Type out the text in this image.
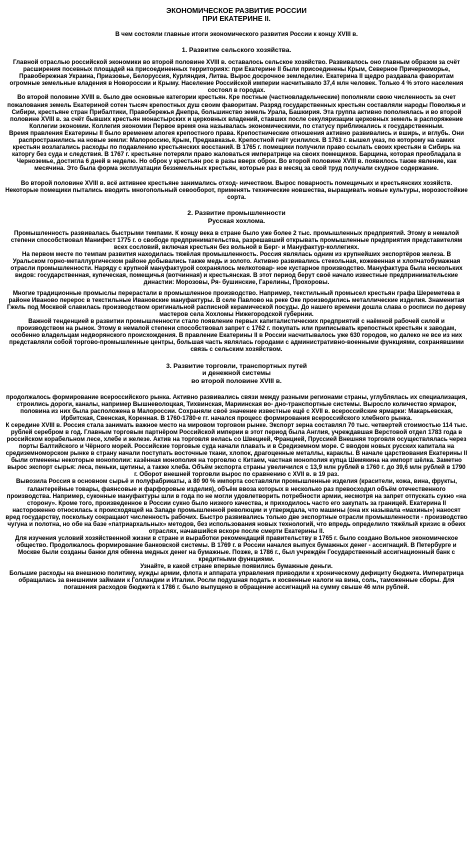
ЭКОНОМИЧЕСКОЕ РАЗВИТИЕ РОССИИ
ПРИ ЕКАТЕРИНЕ II.

В чем состояли главные итоги экономического развития России к концу XVIII в.

1. Развитие сельского хозяйства.

Главной отраслью российской экономики во второй половине XVIII в. оставалось сельское хозяйство. Развивалось оно главным образом за счёт расширения посевных площадей на присоединенных территориях: при Екатерине II были присоединены Крым, Северное Причерноморье, Правобережная Украина, Приазовье, Белоруссия, Курляндия, Литва. Вырос досрочное земледелие. Екатерина II щедро раздавала фаворитам огромные земельные владения в Новороссии и Крыму. Население Российской империи насчитывало 37,4 млн человек. Только 4 % этого населения состоял в городах.

Во второй половине XVIII в. было две основные категории крестьян. Кре постные (частновладельческие) пополняли свою численность за счет пожалования земель Екатериной сотен тысяч крепостных душ своим фаворитам. Разряд государственных крестьян составляли народы Поволжья и Сибири, крестьяне стран Прибалтики, Правобережья Днепра, большинство земель Урала, Башкирия. Эта группа активно пополнялась и во второй половине XVIII в. за счёт бывших крестьян монастырских и церковных владений, ставших после секуляризации церковных земель в распоряжение Коллегии экономии. Коллегия экономии Первое время она называлась экономическими, по статусу приближались к государственным.

Время правления Екатерины II было временем апогея крепостного права. Крепостнические отношения активно развивались и вширь, и вглубь. Они распространились на новые земли: Малороссию, Крым, Предкавказье. Крепостной гнёт усилился. В 1763 г. вышел указ, по которому на самих крестьян возлагались расходы по подавлению крестьянских восстаний. В 1765 г. помещики получили право ссылать своих крестьян в Сибирь на каторгу без суда и следствия. В 1767 г. крестьяне потеряли право жаловаться императрице на своих помещиков. Барщина, которая преобладала в Черноземье, достигла 6 дней в неделю. Но оброк у крестьян рос в разы вверх оброк. Во второй половине XVIII в. появилось также явление, как месячина. Это была форма эксплуатации безземельных крестьян, которые раз в месяц за свой труд получали скудное содержание.

Во второй половине XVIII в. всё активнее крестьяне занимались отход- ничеством. Вырос поварность помещичьих и крестьянских хозяйств. Некоторые помещики пытались вводить многопольный севооборот, применять технические новшества, выращивать новые культуры, морозостойкие сорта.

2. Развитие промышленности
Русская хохлома.

Промышленность развивалась быстрыми темпами. К концу века в стране было уже более 2 тыс. промышленных предприятий. Этому в немалой степени способствовал Манифест 1775 г. о свободе предпринимательства, разрешавший открывать промышленные предприятия представителям всех сословий, включая крестьян без вольной в Берг- и Мануфактур-коллегиях.

На первом месте по темпам развития находилась тяжёлая промышленность. Россия являлась одним из крупнейших экспортёров железа. В Уральском горно-металлургическом районе добывались также медь и золото. Активно развивались стекольная, кожевенная и хлопчатобумажная отрасли промышленности. Наряду с крупной мануфактурой сохранялось мелкотовар- ное кустарное производство. Мануфактура была нескольких видов: государственная, купеческая, помещичья (вотчинная) и крестьянская. В этот период берут своё начало известные предпринимательские династии: Морозовы, Ря- бушинские, Гарелины, Прохоровы.

Многие традиционные промыслы перерастали в промышленное производство. Например, текстильный промысел крестьян графа Шереметева в районе Иваново перерос в текстильные Ивановские мануфактуры. В селе Павлово на реке Оке производились металлические изделия. Знаменитая Гжель под Москвой славилась производством оригинальной расписной керамической посуды. До нашего времени дошла слава о росписи по дереву мастеров села Хохломы Нижегородской губернии.

Важной тенденцией в развитии промышленности стало появление первых капиталистических предприятий с наёмной рабочей силой и производством на рынок. Этому в немалой степени способствовал запрет с 1762 г. покупать или приписывать крепостных крестьян к заводам, особенно владельцам недворянского происхождения. В правление Екатерины II в России насчитывалось уже 630 городов, но далеко не все из них представляли собой торгово-промышленные центры, большая часть являлась городами с административно-военными функциями, сохранявшими связь с сельским хозяйством.

3. Развитие торговли, транспортных путей
и денежной системы
во второй половине XVIII в.

продолжалось формирование всероссийского рынка. Активно развивались связи между разными регионами страны, углублялась их специализация, строились дороги, каналы, например Вышневолоцкая, Тихвинская, Мариинская во- дно-транспортные системы. Выросло количество ярмарок, половина из них была расположена в Малороссии. Сохраняли своё значение известные ещё с XVII в. всероссийские ярмарки: Макарьевская, Ирбитская, Свенская, Коренная. В 1760-1780-е гг. начался процесс формирования всероссийского хлебного рынка.

К середине XVIII в. Россия стала занимать важное место на мировом торговом рынке. Экспорт зерна составлял 70 тыс. четвертей стоимостью 114 тыс. рублей серебром в год. Главным торговым партнёром Российской империи в этот период была Англия, учреждавшая Верстовой отдел 1783 года в российском корабельном лесе, хлебе и железе. Актив на торговля велась со Швецией, Францией, Пруссией Внешняя торговля осуществлялась через порты Балтийского и Чёрного морей. Российские торговые суда начали плавать и в Средиземном море. С вводом новых русских капитала на средиземноморском рынке в страну начали поступать восточные ткани, хлопок, драгоценные металлы, караклы. В начале царствования Екатерины II были отменены некоторые монополии: казённая монополия на торговлю с Китаем, частная монополия купца Шемякина на импорт шёлка. Заметно вырос экспорт сырья: леса, пеньки, щетины, а также хлеба. Объём экспорта страны увеличился с 13,9 млн рублей в 1760 г. до 39,6 млн рублей в 1790 г. Оборот внешней торговли вырос по сравнению с XVII в. в 19 раз.

Вывозила Россия в основном сырьё и полуфабрикаты, а 80 90 % импорта составляли промышленные изделия (красители, кожа, вина, фрукты, галантерейные товары, фаянсовые и фарфоровые изделия), объём ввоза которых в несколько раз превосходил объём отечественного производства. Например, суконные мануфактуры шли в года по не могли удовлетворить потребности армии, несмотря на запрет отпускать сукно «на сторону». Кроме того, произведенное в России сукно было низкого качества, и приходилось часто его закупать за границей. Екатерина II настороженно относилась к происходящей на Западе промышленной революции и утверждала, что машины (она их называла «махины») наносят вред государству, поскольку сокращают численность рабочих. Быстро развивались только две экспортные отрасли промышленности - производство чугуна и полотна, но обе на базе «патриархальных» методов, без использования новых технологий, что впредь определило тяжёлый кризис в обеих отраслях, начавшийся вскоре после смерти Екатерины II.

Для изучения условий хозяйственной жизни в стране и выработки рекомендаций правительству в 1765 г. было создано Вольное экономическое общество. Продолжалось формирование банковской системы. В 1769 г. в России начался выпуск бумажных денег - ассигнаций. В Петербурге и Москве были созданы банки для обмена медных денег на бумажные. Позже, в 1786 г., был учреждён Государственный ассигнационный банк с кредитными функциями.

Узнайте, в какой стране впервые появились бумажные деньги.

Большие расходы на внешнюю политику, нужды армии, флота и аппарата управления приводили к хроническому дефициту бюджета. Императрица обращалась за внешними займами к Голландии и Италии. Росли подушная подать и косвенные налоги на вина, соль, таможенные сборы. Для погашения расходов бюджета к 1786 г. было выпущено в обращение ассигнаций на сумму свыше 46 млн рублей.
